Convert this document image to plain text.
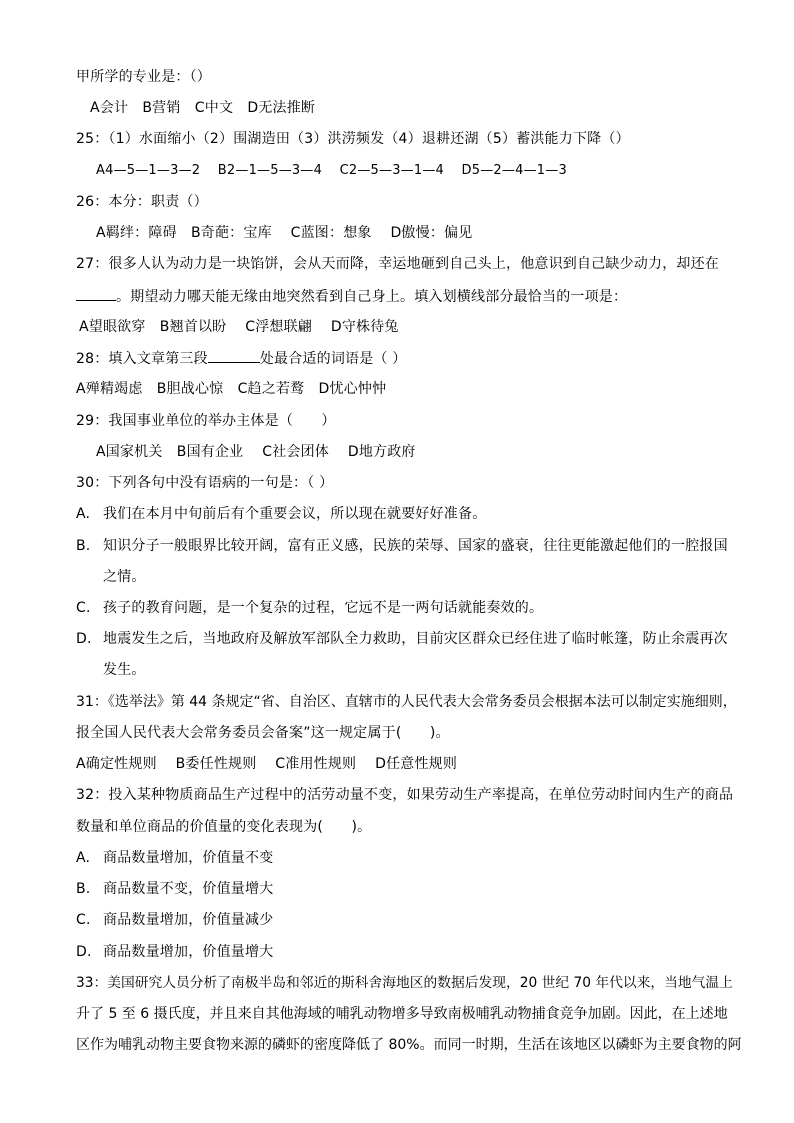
甲所学的专业是：（）
A会计　B营销　C中文　D无法推断
25：（1）水面缩小（2）围湖造田（3）洪涝频发（4）退耕还湖（5）蓄洪能力下降（）
A4—5—1—3—2　 B2—1—5—3—4　 C2—5—3—1—4　 D5—2—4—1—3
26：本分：职责（）
A羁绊：障碍　B奇葩：宝库　 C蓝图：想象　 D傲慢：偏见
27：很多人认为动力是一块馅饼，会从天而降，幸运地砸到自己头上，他意识到自己缺少动力，却还在
。期望动力哪天能无缘由地突然看到自己身上。填入划横线部分最恰当的一项是：
A望眼欲穿　B翘首以盼　 C浮想联翩　 D守株待兔
28：填入文章第三段	处最合适的词语是（ ）
A殚精竭虑　B胆战心惊　C趋之若鹜　D忧心忡忡
29：我国事业单位的举办主体是（　　）
A国家机关　B国有企业　 C社会团体　 D地方政府
30：下列各句中没有语病的一句是：（ ）
A. 我们在本月中旬前后有个重要会议，所以现在就要好好准备。
B. 知识分子一般眼界比较开阔，富有正义感，民族的荣辱、国家的盛衰，往往更能激起他们的一腔报国
之情。
C. 孩子的教育问题，是一个复杂的过程，它远不是一两句话就能奏效的。
D. 地震发生之后，当地政府及解放军部队全力救助，目前灾区群众已经住进了临时帐篷，防止余震再次
发生。
31：《选举法》第 44 条规定“省、自治区、直辖市的人民代表大会常务委员会根据本法可以制定实施细则，
报全国人民代表大会常务委员会备案”这一规定属于(　　)。
A确定性规则　 B委任性规则　 C准用性规则　 D任意性规则
32：投入某种物质商品生产过程中的活劳动量不变，如果劳动生产率提高，在单位劳动时间内生产的商品
数量和单位商品的价值量的变化表现为(　　)。
A. 商品数量增加，价值量不变
B. 商品数量不变，价值量增大
C. 商品数量增加，价值量减少
D. 商品数量增加，价值量增大
33：美国研究人员分析了南极半岛和邻近的斯科舍海地区的数据后发现，20 世纪 70 年代以来，当地气温上
升了 5 至 6 摄氏度，并且来自其他海域的哺乳动物增多导致南极哺乳动物捕食竞争加剧。因此，在上述地
区作为哺乳动物主要食物来源的磷虾的密度降低了 80%。而同一时期，生活在该地区以磷虾为主要食物的阿
